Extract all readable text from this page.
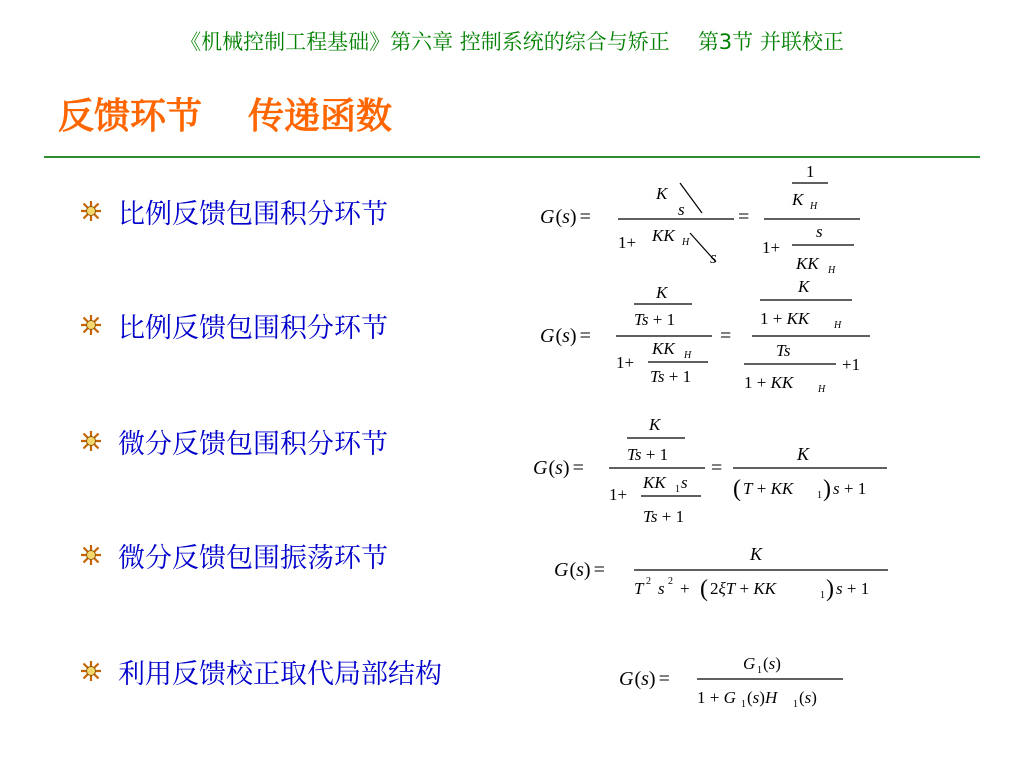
《机械控制工程基础》第六章 控制系统的综合与矫正 第3节 并联校正
反馈环节 传递函数
比例反馈包围积分环节
比例反馈包围积分环节
微分反馈包围积分环节
微分反馈包围振荡环节
利用反馈校正取代局部结构
G(s) =
K
s
1+ KK H
s
=
1
K H
1+
s
KK H
G(s) =
K
Ts + 1
1+
KK H
Ts + 1
=
K
1 + KK H
Ts
1 + KK H
+1
G(s) =
K
Ts + 1
1+
KK 1 s
Ts + 1
=
K
( T + KK 1 ) s + 1
G(s) =
K
T 2 s 2 + ( 2ξT + KK	1 ) s + 1
G(s) =
G 1 (s)
1 + G 1 (s)H 1 (s)
